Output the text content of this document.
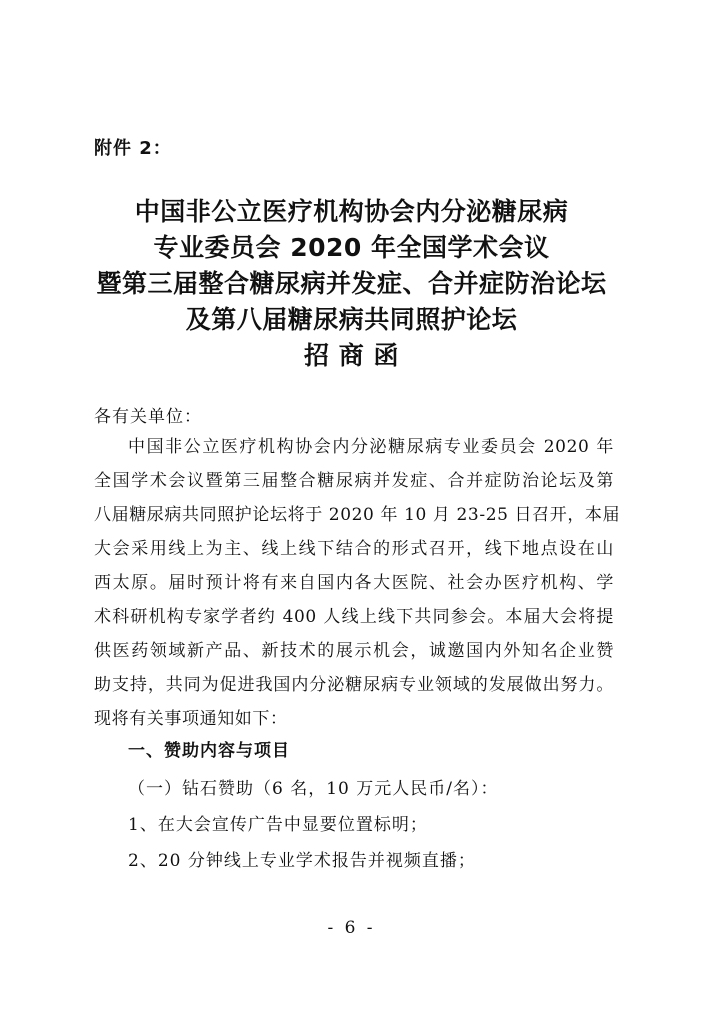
附件 2：
中国非公立医疗机构协会内分泌糖尿病
专业委员会 2020 年全国学术会议
暨第三届整合糖尿病并发症、合并症防治论坛
及第八届糖尿病共同照护论坛
招 商 函
各有关单位：
中国非公立医疗机构协会内分泌糖尿病专业委员会 2020 年
全国学术会议暨第三届整合糖尿病并发症、合并症防治论坛及第
八届糖尿病共同照护论坛将于 2020 年 10 月 23-25 日召开，本届
大会采用线上为主、线上线下结合的形式召开，线下地点设在山
西太原。届时预计将有来自国内各大医院、社会办医疗机构、学
术科研机构专家学者约 400 人线上线下共同参会。本届大会将提
供医药领域新产品、新技术的展示机会，诚邀国内外知名企业赞
助支持，共同为促进我国内分泌糖尿病专业领域的发展做出努力。
现将有关事项通知如下：
一、赞助内容与项目
（一）钻石赞助（6 名，10 万元人民币/名）：
1、在大会宣传广告中显要位置标明；
2、20 分钟线上专业学术报告并视频直播；
- 6 -
